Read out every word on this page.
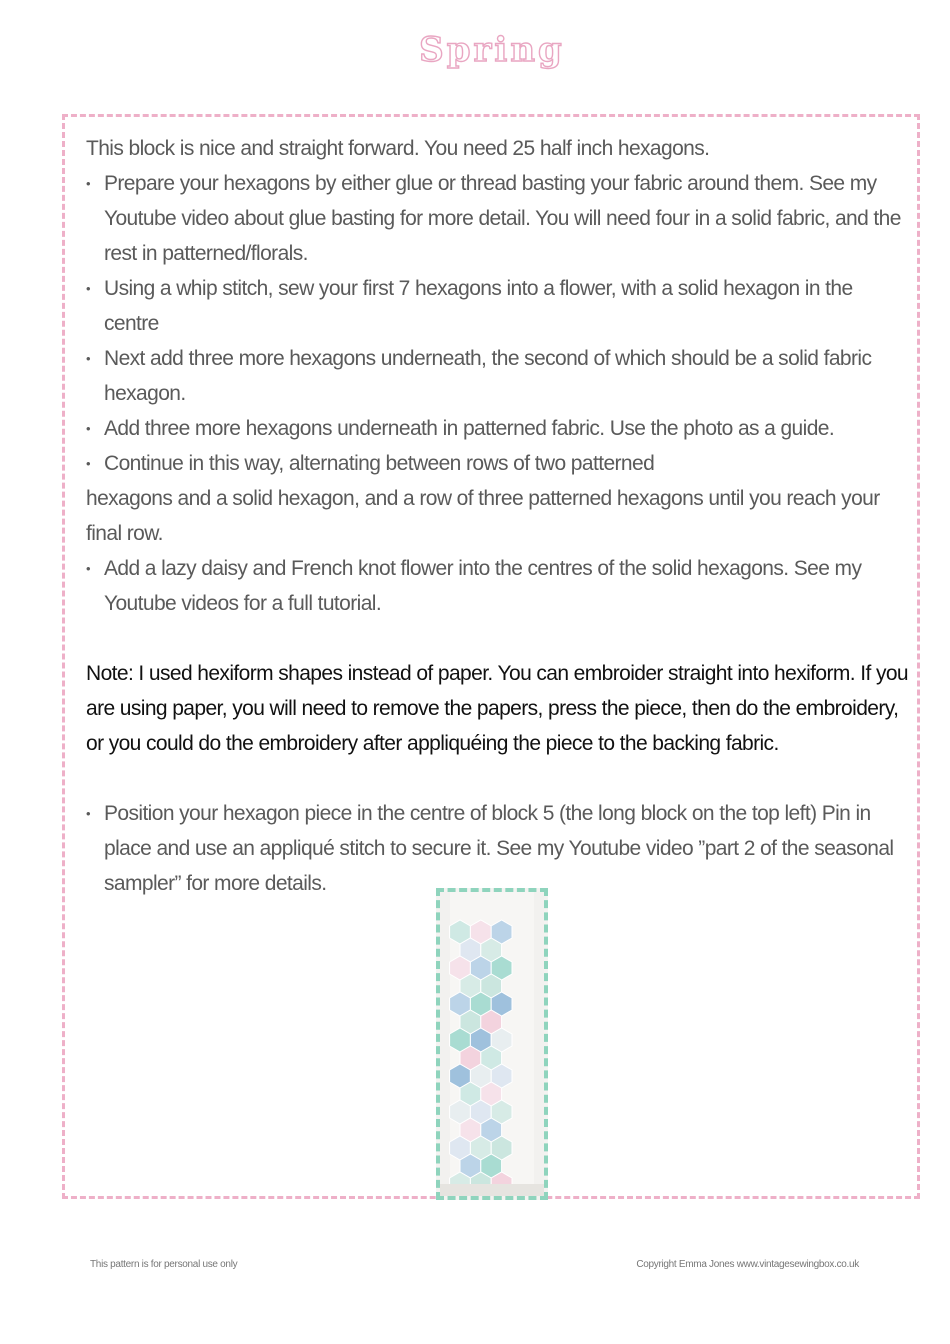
Spring

This block is nice and straight forward. You need 25 half inch hexagons.

• Prepare your hexagons by either glue or thread basting your fabric around them. See my Youtube video about glue basting for more detail. You will need four in a solid fabric, and the rest in patterned/florals.
• Using a whip stitch, sew your first 7 hexagons into a flower, with a solid hexagon in the centre
• Next add three more hexagons underneath, the second of which should be a solid fabric hexagon.
• Add three more hexagons underneath in patterned fabric. Use the photo as a guide.
• Continue in this way, alternating between rows of two patterned

hexagons and a solid hexagon, and a row of three patterned hexagons until you reach your final row.

• Add a lazy daisy and French knot flower into the centres of the solid hexagons. See my Youtube videos for a full tutorial.

Note: I used hexiform shapes instead of paper. You can embroider straight into hexiform. If you are using paper, you will need to remove the papers, press the piece, then do the embroidery, or you could do the embroidery after appliquéing the piece to the backing fabric.

• Position your hexagon piece in the centre of block 5 (the long block on the top left) Pin in place and use an appliqué stitch to secure it. See my Youtube video ”part 2 of the seasonal sampler” for more details.
This pattern is for personal use only	Copyright Emma Jones www.vintagesewingbox.co.uk
